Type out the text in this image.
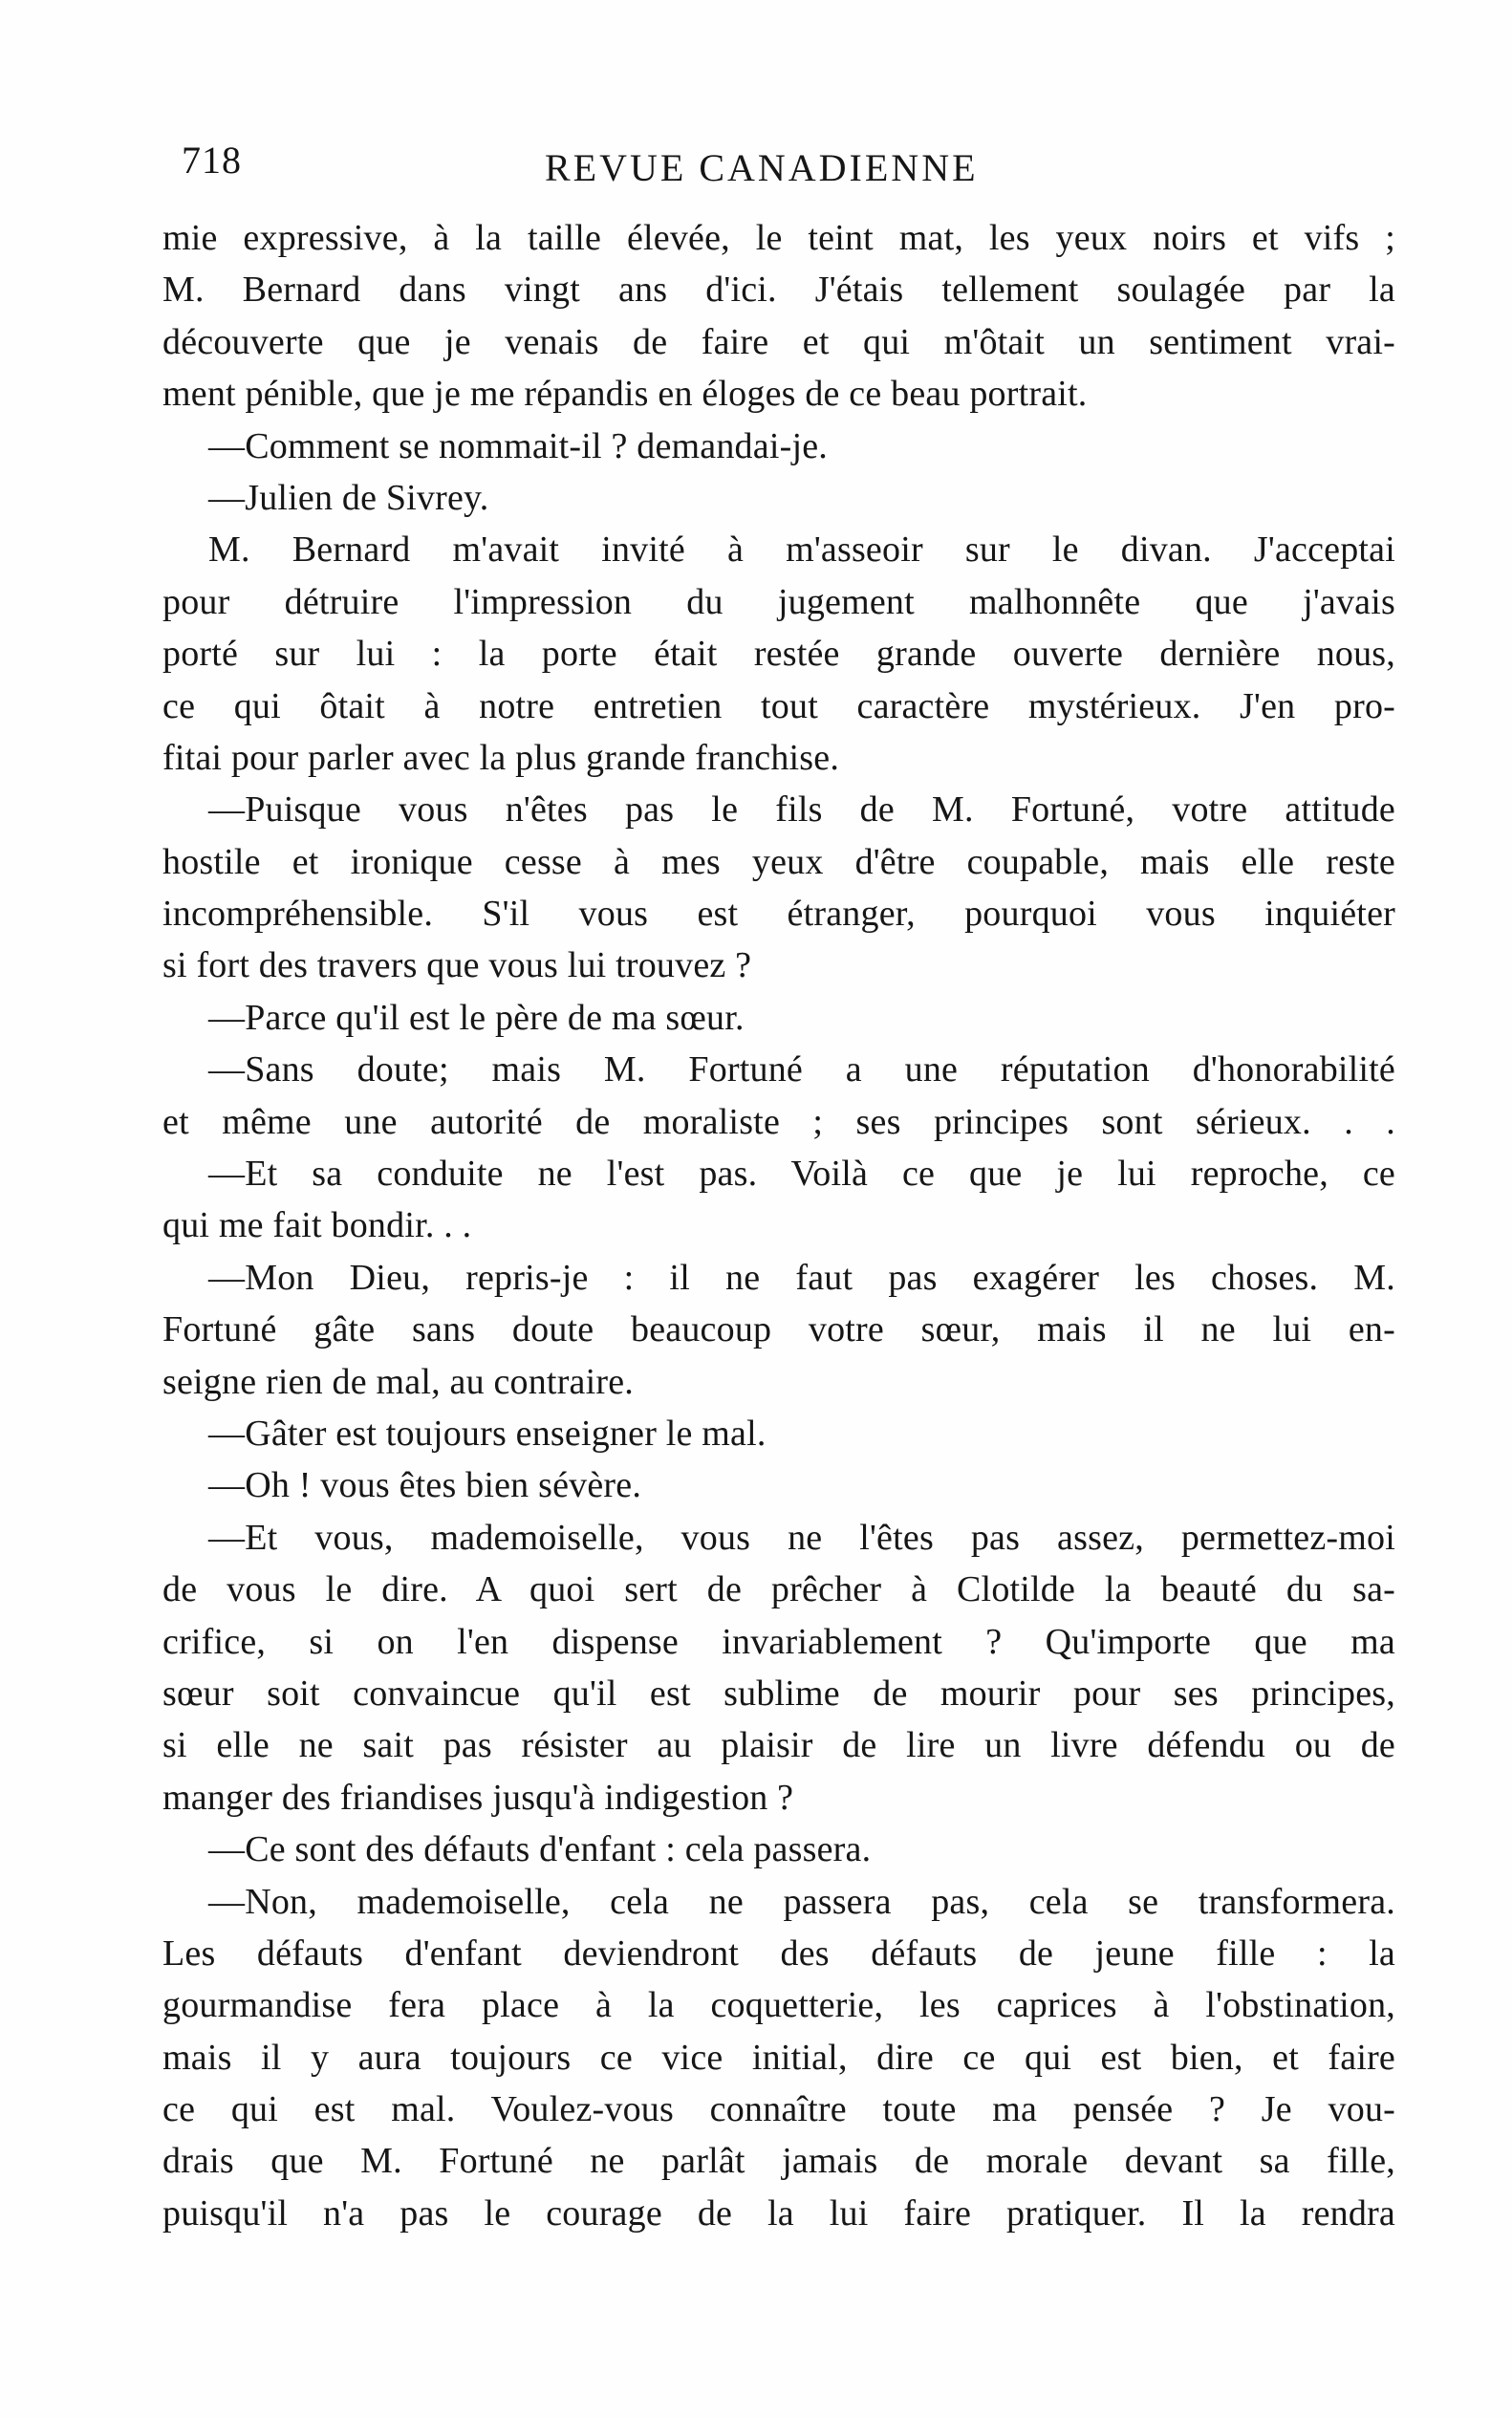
718	REVUE CANADIENNE
mie expressive, à la taille élevée, le teint mat, les yeux noirs et vifs ;
M. Bernard dans vingt ans d'ici. J'étais tellement soulagée par la
découverte que je venais de faire et qui m'ôtait un sentiment vrai-
ment pénible, que je me répandis en éloges de ce beau portrait.
—Comment se nommait-il ? demandai-je.
—Julien de Sivrey.
M. Bernard m'avait invité à m'asseoir sur le divan. J'acceptai
pour détruire l'impression du jugement malhonnête que j'avais
porté sur lui : la porte était restée grande ouverte dernière nous,
ce qui ôtait à notre entretien tout caractère mystérieux. J'en pro-
fitai pour parler avec la plus grande franchise.
—Puisque vous n'êtes pas le fils de M. Fortuné, votre attitude
hostile et ironique cesse à mes yeux d'être coupable, mais elle reste
incompréhensible. S'il vous est étranger, pourquoi vous inquiéter
si fort des travers que vous lui trouvez ?
—Parce qu'il est le père de ma sœur.
—Sans doute; mais M. Fortuné a une réputation d'honorabilité
et même une autorité de moraliste ; ses principes sont sérieux. . .
—Et sa conduite ne l'est pas. Voilà ce que je lui reproche, ce
qui me fait bondir. . .
—Mon Dieu, repris-je : il ne faut pas exagérer les choses. M.
Fortuné gâte sans doute beaucoup votre sœur, mais il ne lui en-
seigne rien de mal, au contraire.
—Gâter est toujours enseigner le mal.
—Oh ! vous êtes bien sévère.
—Et vous, mademoiselle, vous ne l'êtes pas assez, permettez-moi
de vous le dire. A quoi sert de prêcher à Clotilde la beauté du sa-
crifice, si on l'en dispense invariablement ? Qu'importe que ma
sœur soit convaincue qu'il est sublime de mourir pour ses principes,
si elle ne sait pas résister au plaisir de lire un livre défendu ou de
manger des friandises jusqu'à indigestion ?
—Ce sont des défauts d'enfant : cela passera.
—Non, mademoiselle, cela ne passera pas, cela se transformera.
Les défauts d'enfant deviendront des défauts de jeune fille : la
gourmandise fera place à la coquetterie, les caprices à l'obstination,
mais il y aura toujours ce vice initial, dire ce qui est bien, et faire
ce qui est mal. Voulez-vous connaître toute ma pensée ? Je vou-
drais que M. Fortuné ne parlât jamais de morale devant sa fille,
puisqu'il n'a pas le courage de la lui faire pratiquer. Il la rendra
